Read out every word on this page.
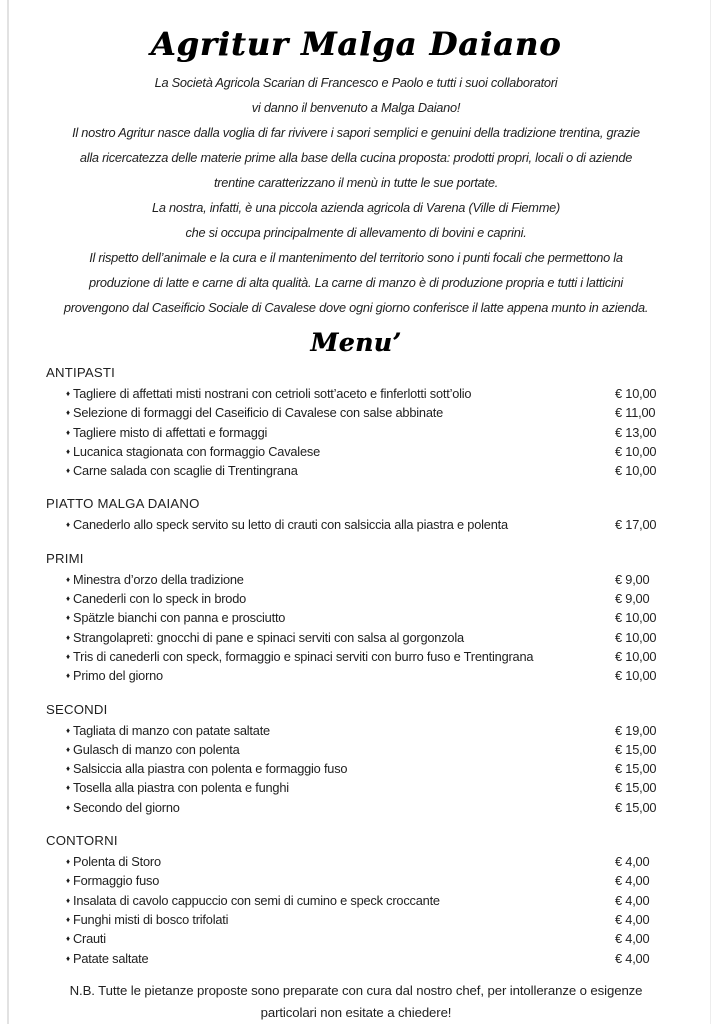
Agritur Malga Daiano
La Società Agricola Scarian di Francesco e Paolo e tutti i suoi collaboratori
vi danno il benvenuto a Malga Daiano!
Il nostro Agritur nasce dalla voglia di far rivivere i sapori semplici e genuini della tradizione trentina, grazie
alla ricercatezza delle materie prime alla base della cucina proposta: prodotti propri, locali o di aziende
trentine caratterizzano il menù in tutte le sue portate.
La nostra, infatti, è una piccola azienda agricola di Varena (Ville di Fiemme)
che si occupa principalmente di allevamento di bovini e caprini.
Il rispetto dell’animale e la cura e il mantenimento del territorio sono i punti focali che permettono la
produzione di latte e carne di alta qualità. La carne di manzo è di produzione propria e tutti i latticini
provengono dal Caseificio Sociale di Cavalese dove ogni giorno conferisce il latte appena munto in azienda.
Menu’
ANTIPASTI
♦ Tagliere di affettati misti nostrani con cetrioli sott’aceto e finferlotti sott’olio	€ 10,00
♦ Selezione di formaggi del Caseificio di Cavalese con salse abbinate	€ 11,00
♦ Tagliere misto di affettati e formaggi	€ 13,00
♦ Lucanica stagionata con formaggio Cavalese	€ 10,00
♦ Carne salada con scaglie di Trentingrana	€ 10,00
PIATTO MALGA DAIANO
♦ Canederlo allo speck servito su letto di crauti con salsiccia alla piastra e polenta	€ 17,00
PRIMI
♦ Minestra d’orzo della tradizione	€ 9,00
♦ Canederli con lo speck in brodo	€ 9,00
♦ Spätzle bianchi con panna e prosciutto	€ 10,00
♦ Strangolapreti: gnocchi di pane e spinaci serviti con salsa al gorgonzola	€ 10,00
♦ Tris di canederli con speck, formaggio e spinaci serviti con burro fuso e Trentingrana	€ 10,00
♦ Primo del giorno	€ 10,00
SECONDI
♦ Tagliata di manzo con patate saltate	€ 19,00
♦ Gulasch di manzo con polenta	€ 15,00
♦ Salsiccia alla piastra con polenta e formaggio fuso	€ 15,00
♦ Tosella alla piastra con polenta e funghi	€ 15,00
♦ Secondo del giorno	€ 15,00
CONTORNI
♦ Polenta di Storo	€ 4,00
♦ Formaggio fuso	€ 4,00
♦ Insalata di cavolo cappuccio con semi di cumino e speck croccante	€ 4,00
♦ Funghi misti di bosco trifolati	€ 4,00
♦ Crauti	€ 4,00
♦ Patate saltate	€ 4,00
N.B. Tutte le pietanze proposte sono preparate con cura dal nostro chef, per intolleranze o esigenze
particolari non esitate a chiedere!
